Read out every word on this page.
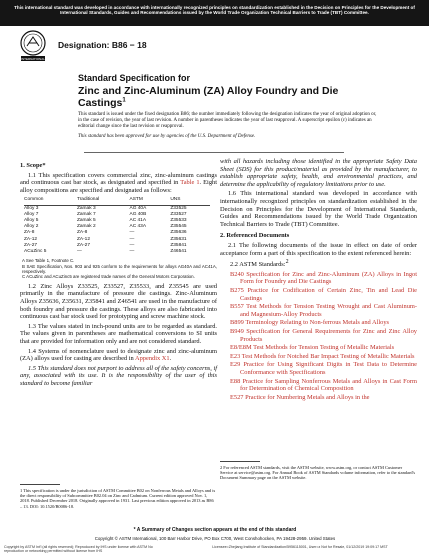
This international standard was developed in accordance with internationally recognized principles on standardization established in the Decision on Principles for the Development of International Standards, Guides and Recommendations issued by the World Trade Organization Technical Barriers to Trade (TBT) Committee.
INTERNATIONAL
Designation: B86 − 18
Standard Specification for
Zinc and Zinc-Aluminum (ZA) Alloy Foundry and Die
Castings$^1$
This standard is issued under the fixed designation B86; the number immediately following the designation indicates the year of original adoption or, in the case of revision, the year of last revision. A number in parentheses indicates the year of last reapproval. A superscript epsilon (ε) indicates an editorial change since the last revision or reapproval.
This standard has been approved for use by agencies of the U.S. Department of Defense.
1. Scope*
1.1 This specification covers commercial zinc, zinc-aluminum castings and continuous cast bar stock, as designated and specified in Table 1. Eight alloy compositions are specified and designated as follows:
Common	Traditional	ASTM	UNS
Alloy 3	Zamak 3	AG 40A	Z33525
Alloy 7	Zamak 7	AG 40B	Z33527
Alloy 5	Zamak 5	AC 41A	Z35533
Alloy 2	Zamak 2	AC 43A	Z35545
ZA-8	ZA-8	—	Z35636
ZA-12	ZA-12	—	Z35631
ZA-27	ZA-27	—	Z35841
ACuZinc 5	—	—	Z46541
A See Table 1, Footnote C.
B SAE Specification, Nos. 903 and 925 conform to the requirements for alloys AG40A and AC41A, respectively.
C ACuZinc and ACuZinc5 are registered trade names of the General Motors Corporation.
1.2 Zinc Alloys Z33525, Z33527, Z35533, and Z35545 are used primarily in the manufacture of pressure die castings. Zinc-Aluminum Alloys Z35636, Z35631, Z35841 and Z46541 are used in the manufacture of both foundry and pressure die castings. These alloys are also fabricated into continuous cast bar stock used for prototyping and screw machine stock.
1.3 The values stated in inch-pound units are to be regarded as standard. The values given in parentheses are mathematical conversions to SI units that are provided for information only and are not considered standard.
1.4 Systems of nomenclature used to designate zinc and zinc-aluminum (ZA) alloys used for casting are described in Appendix X1.
1.5 This standard does not purport to address all of the safety concerns, if any, associated with its use. It is the responsibility of the user of this standard to become familiar
with all hazards including those identified in the appropriate Safety Data Sheet (SDS) for this product/material as provided by the manufacturer, to establish appropriate safety, health, and environmental practices, and determine the applicability of regulatory limitations prior to use.
1.6 This international standard was developed in accordance with internationally recognized principles on standardization established in the Decision on Principles for the Development of International Standards, Guides and Recommendations issued by the World Trade Organization Technical Barriers to Trade (TBT) Committee.
2. Referenced Documents
2.1 The following documents of the issue in effect on date of order acceptance form a part of this specification to the extent referenced herein:
2.2 ASTM Standards:2
B240 Specification for Zinc and Zinc-Aluminum (ZA) Alloys in Ingot Form for Foundry and Die Castings
B275 Practice for Codification of Certain Zinc, Tin and Lead Die Castings
B557 Test Methods for Tension Testing Wrought and Cast Aluminum- and Magnesium-Alloy Products
B899 Terminology Relating to Non-ferrous Metals and Alloys
B949 Specification for General Requirements for Zinc and Zinc Alloy Products
E8/E8M Test Methods for Tension Testing of Metallic Materials
E23 Test Methods for Notched Bar Impact Testing of Metallic Materials
E29 Practice for Using Significant Digits in Test Data to Determine Conformance with Specifications
E88 Practice for Sampling Nonferrous Metals and Alloys in Cast Form for Determination of Chemical Composition
E527 Practice for Numbering Metals and Alloys in the
1 This specification is under the jurisdiction of ASTM Committee B02 on Nonferrous Metals and Alloys and is the direct responsibility of Subcommittee B02.04 on Zinc and Cadmium. Current edition approved Nov. 1, 2018. Published December 2018. Originally approved in 1931. Last previous edition approved in 2013 as B86 – 13. DOI: 10.1520/B0086-18.
2 For referenced ASTM standards, visit the ASTM website, www.astm.org, or contact ASTM Customer Service at service@astm.org. For Annual Book of ASTM Standards volume information, refer to the standard's Document Summary page on the ASTM website.
* A Summary of Changes section appears at the end of this standard
Copyright © ASTM International, 100 Barr Harbor Drive, PO Box C700, West Conshohocken, PA 19428-2959. United States
Copyright by ASTM Int'l (all rights reserved); Reproduced by IHS under license with ASTM No reproduction or networking permitted without license from IHS
Licensee=Zhejiang Institute of Standardization/5956115001, User=z Not for Resale, 01/12/2019 19:09:17 MST
